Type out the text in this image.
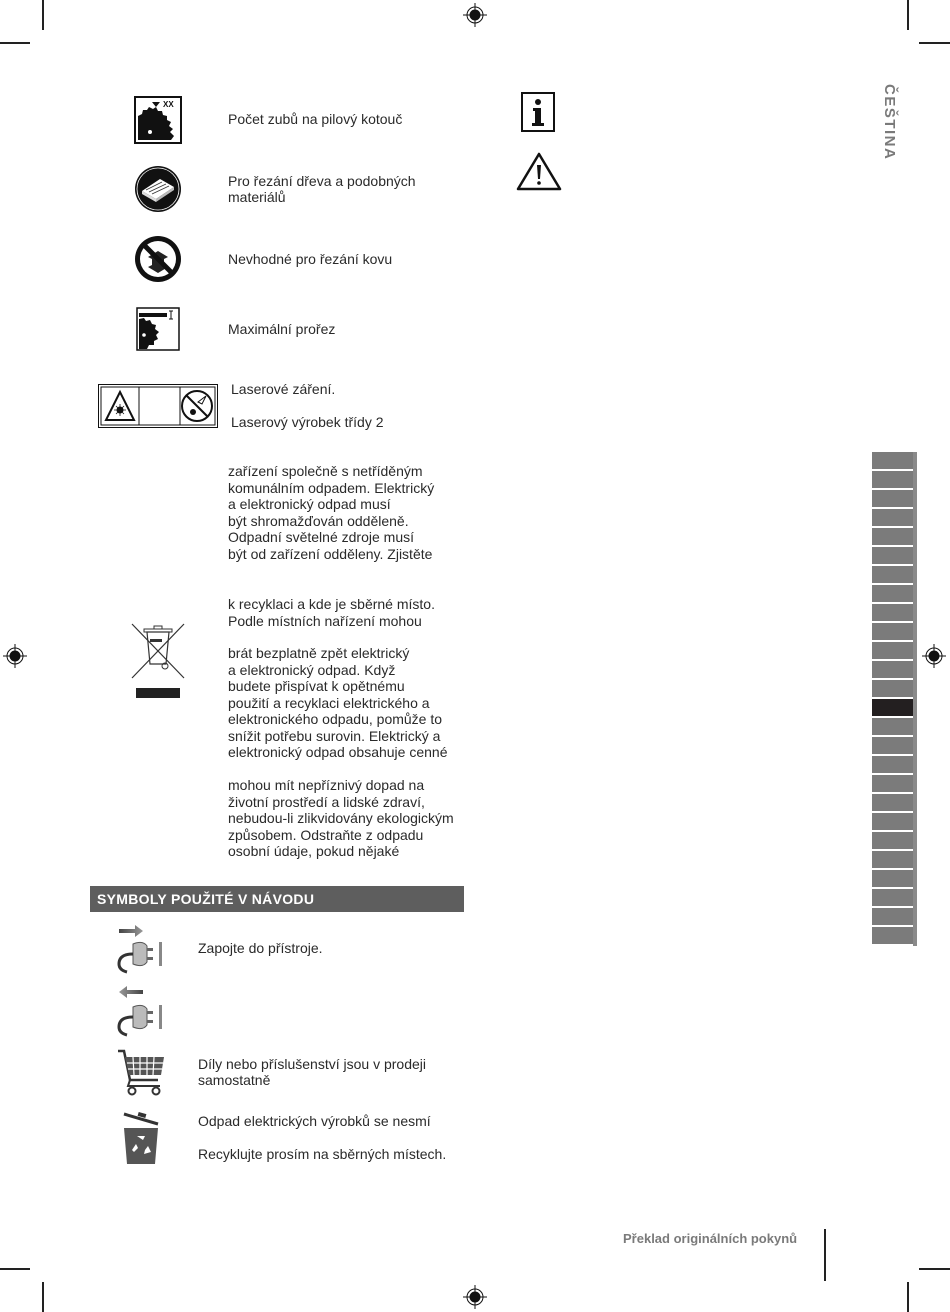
XX
Počet zubů na pilový kotouč
Pro řezání dřeva a podobných
materiálů
Nevhodné pro řezání kovu
Maximální prořez
Laserové záření.
Laserový výrobek třídy 2
zařízení společně s netříděným
komunálním odpadem. Elektrický
a elektronický odpad musí
být shromažďován odděleně.
Odpadní světelné zdroje musí
být od zařízení odděleny. Zjistěte
k recyklaci a kde je sběrné místo.
Podle místních nařízení mohou
brát bezplatně zpět elektrický
a elektronický odpad. Když
budete přispívat k opětnému
použití a recyklaci elektrického a
elektronického odpadu, pomůže to
snížit potřebu surovin. Elektrický a
elektronický odpad obsahuje cenné
mohou mít nepříznivý dopad na
životní prostředí a lidské zdraví,
nebudou-li zlikvidovány ekologickým
způsobem. Odstraňte z odpadu
osobní údaje, pokud nějaké
ČEŠTINA
SYMBOLY POUŽITÉ V NÁVODU
Zapojte do přístroje.
Díly nebo příslušenství jsou v prodeji
samostatně
Odpad elektrických výrobků se nesmí
Recyklujte prosím na sběrných místech.
Překlad originálních pokynů
